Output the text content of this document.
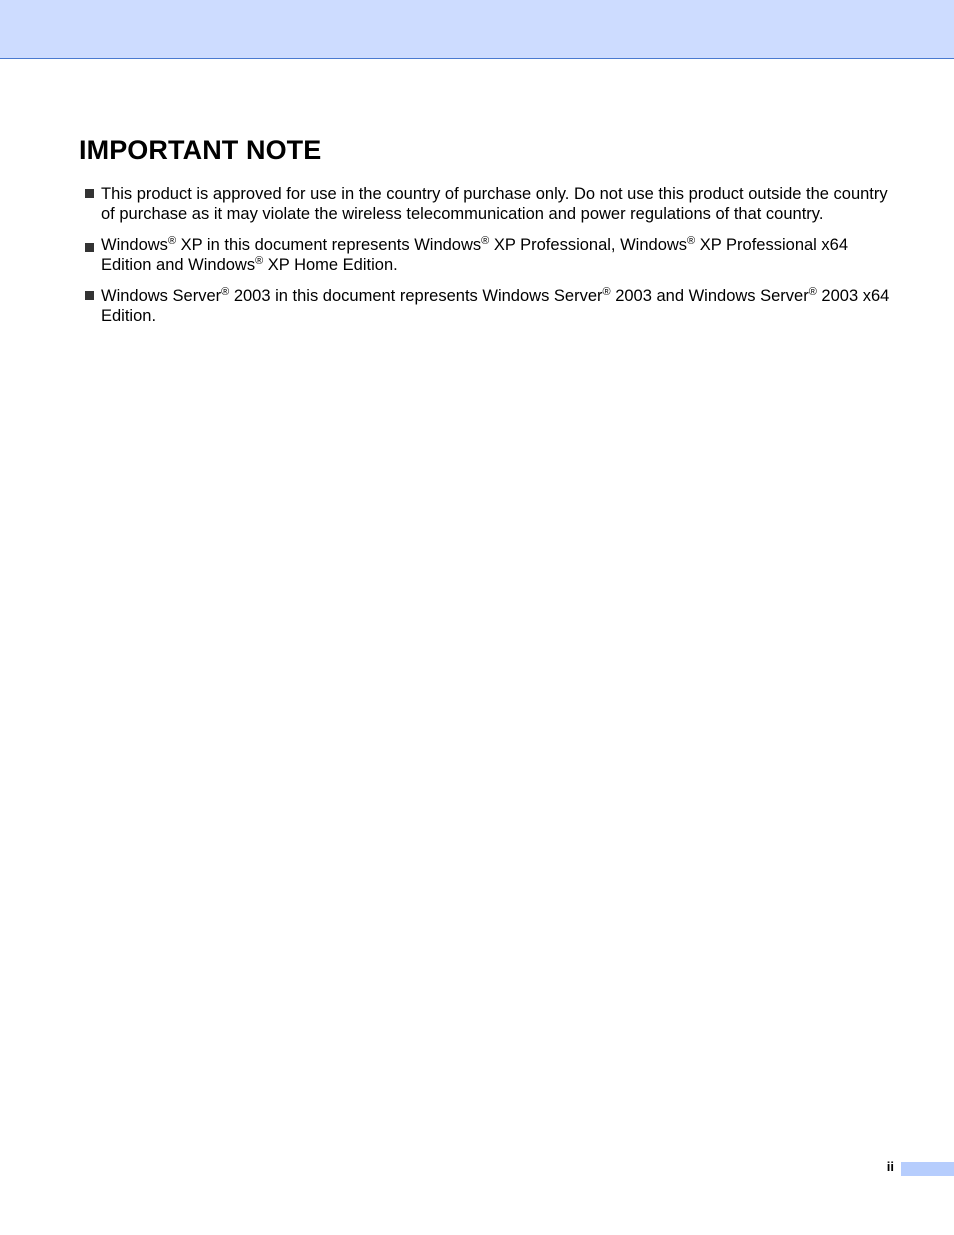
IMPORTANT NOTE
This product is approved for use in the country of purchase only. Do not use this product outside the country of purchase as it may violate the wireless telecommunication and power regulations of that country.
Windows® XP in this document represents Windows® XP Professional, Windows® XP Professional x64 Edition and Windows® XP Home Edition.
Windows Server® 2003 in this document represents Windows Server® 2003 and Windows Server® 2003 x64 Edition.
ii
